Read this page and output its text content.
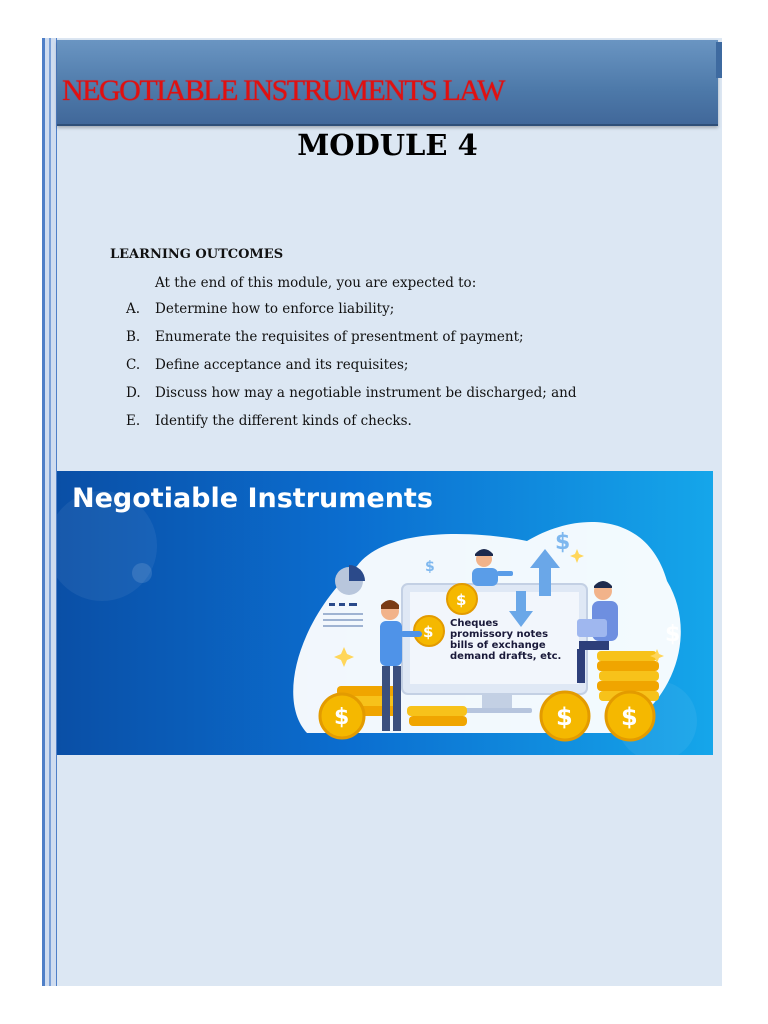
NEGOTIABLE INSTRUMENTS LAW
MODULE 4
LEARNING OUTCOMES
At the end of this module, you are expected to:
A. Determine how to enforce liability;
B. Enumerate the requisites of presentment of payment;
C. Define acceptance and its requisites;
D. Discuss how may a negotiable instrument be discharged; and
E. Identify the different kinds of checks.
$
$
$
$	$ $
$
$
Negotiable Instruments
Cheques
promissory notes
bills of exchange
demand drafts, etc.
